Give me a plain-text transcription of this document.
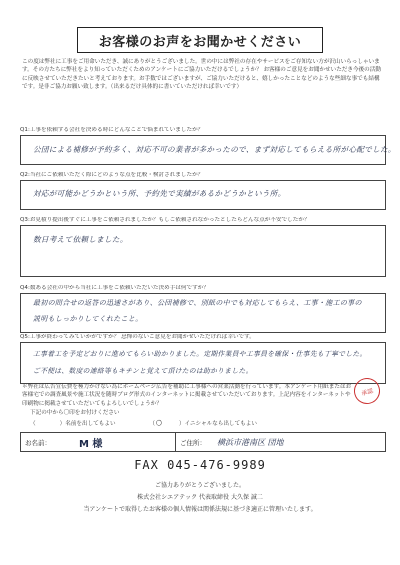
お客様のお声をお聞かせください
この度は弊社に工事をご用命いただき、誠にありがとうございました。世の中には弊社の存在やサービスをご存知ない方が沢山いらっしゃいます。その方たちに弊社をより知っていただくためのアンケートにご協力いただけるでしょうか？ お客様のご意見をお聞かせいただき今後の活動に反映させていただきたいと考えております。お手数ではございますが、ご協力いただけると、嬉しかったことなどのような些細な事でも結構です。是非ご協力お願い致します。（出来るだけ具体的に書いていただければ幸いです）
Q1:工事を依頼する会社を決める時にどんなことで悩まれていましたか？
公団による補修が予約多く、対応不可の業者が多かったので、まず対応してもらえる所が心配でした。
Q2:当社にご依頼いただく際にどのような点を比較・検討されましたか？
対応が可能かどうかという所、予約先で実績があるかどうかという所。
Q3:お見積り提出後すぐに工事をご依頼されましたか？もしご依頼されなかったとしたらどんな点が不安でしたか？
数日考えて依頼しました。
Q4:数ある会社の中から当社に工事をご依頼いただいた決め手は何ですか？
最初の問合せの返答の迅速さがあり、公団補修で、別紙の中でも対応してもらえ、工事・施工の事の
説明もしっかりしてくれたこと。
Q5:工事が終わってみていかがですか？ 忌憚のないご意見をお聞かせいただければ幸いです。
工事着工を予定どおりに進めてもらい助かりました。定期作業員や工事員を確保・仕事先も丁寧でした。
ご不便は、数度の連絡等もキチンと覚えて頂けたのは助かりました。
＊弊社は広告宣伝費を極力かけない為にホームページ広告を補助に工事様への営業活動を行っています。本アンケート用紙またはお客様宅での調査風景や施工状況を随時ブログ形式のインターネットに掲載させていただいております。上記内容をインターネットや印刷物に掲載させていただいてもよろしいでしょうか？
承認
下記の中から〇印をお付けください
（	）名前を出してもよい	（〇	）イニシャルなら出してもよい
お名前：	M 様	ご住所：	横浜市港南区 団地
FAX 045-476-9989
ご協力ありがとうございました。
株式会社シエアテック 代表取締役 大久保 誠二
当アンケートで取得したお客様の個人情報は関係法規に基づき適正に管理いたします。
